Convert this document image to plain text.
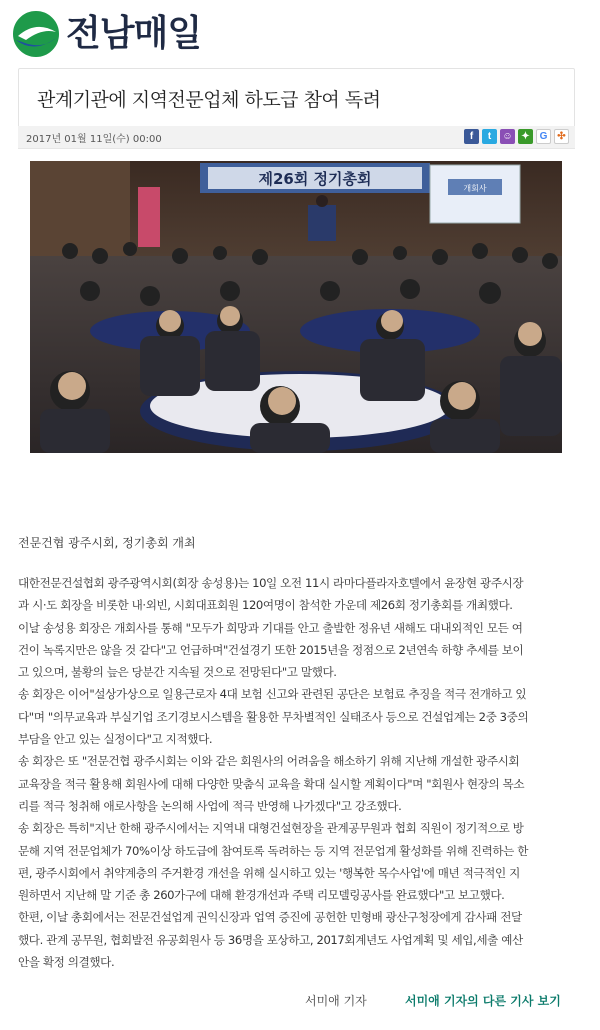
전남매일
관계기관에 지역전문업체 하도급 참여 독려
2017년 01월 11일(수) 00:00	f	t	☺ ✦ G ✣
제26회 정기총회
개회사
전문건협 광주시회, 정기총회 개최

대한전문건설협회 광주광역시회(회장 송성용)는 10일 오전 11시 라마다플라자호텔에서 윤장현 광주시장
과 시·도 회장을 비롯한 내·외빈, 시회대표회원 120여명이 참석한 가운데 제26회 정기총회를 개최했다.

이날 송성용 회장은 개회사를 통해 "모두가 희망과 기대를 안고 출발한 정유년 새해도 대내외적인 모든 여
건이 녹록지만은 않을 것 같다"고 언급하며"건설경기 또한 2015년을 정점으로 2년연속 하향 추세를 보이
고 있으며, 불황의 늪은 당분간 지속될 것으로 전망된다"고 말했다.

송 회장은 이어"설상가상으로 일용근로자 4대 보험 신고와 관련된 공단은 보험료 추징을 적극 전개하고 있
다"며 "의무교육과 부실기업 조기경보시스템을 활용한 무차별적인 실태조사 등으로 건설업계는 2중 3중의
부담을 안고 있는 실정이다"고 지적했다.

송 회장은 또 "전문건협 광주시회는 이와 같은 회원사의 어려움을 해소하기 위해 지난해 개설한 광주시회
교육장을 적극 활용해 회원사에 대해 다양한 맞춤식 교육을 확대 실시할 계획이다"며 "회원사 현장의 목소
리를 적극 청취해 애로사항을 논의해 사업에 적극 반영해 나가겠다"고 강조했다.

송 회장은 특히"지난 한해 광주시에서는 지역내 대형건설현장을 관계공무원과 협회 직원이 정기적으로 방
문해 지역 전문업체가 70%이상 하도급에 참여토록 독려하는 등 지역 전문업계 활성화를 위해 진력하는 한
편, 광주시회에서 취약계층의 주거환경 개선을 위해 실시하고 있는 '행복한 목수사업'에 매년 적극적인 지
원하면서 지난해 말 기준 총 260가구에 대해 환경개선과 주택 리모델링공사를 완료했다"고 보고했다.

한편, 이날 총회에서는 전문건설업계 권익신장과 업역 증진에 공헌한 민형배 광산구청장에게 감사패 전달
했다. 관계 공무원, 협회발전 유공회원사 등 36명을 포상하고, 2017회계년도 사업계획 및 세입,세출 예산
안을 확정 의결했다.

서미애 기자	서미애 기자의 다른 기사 보기
